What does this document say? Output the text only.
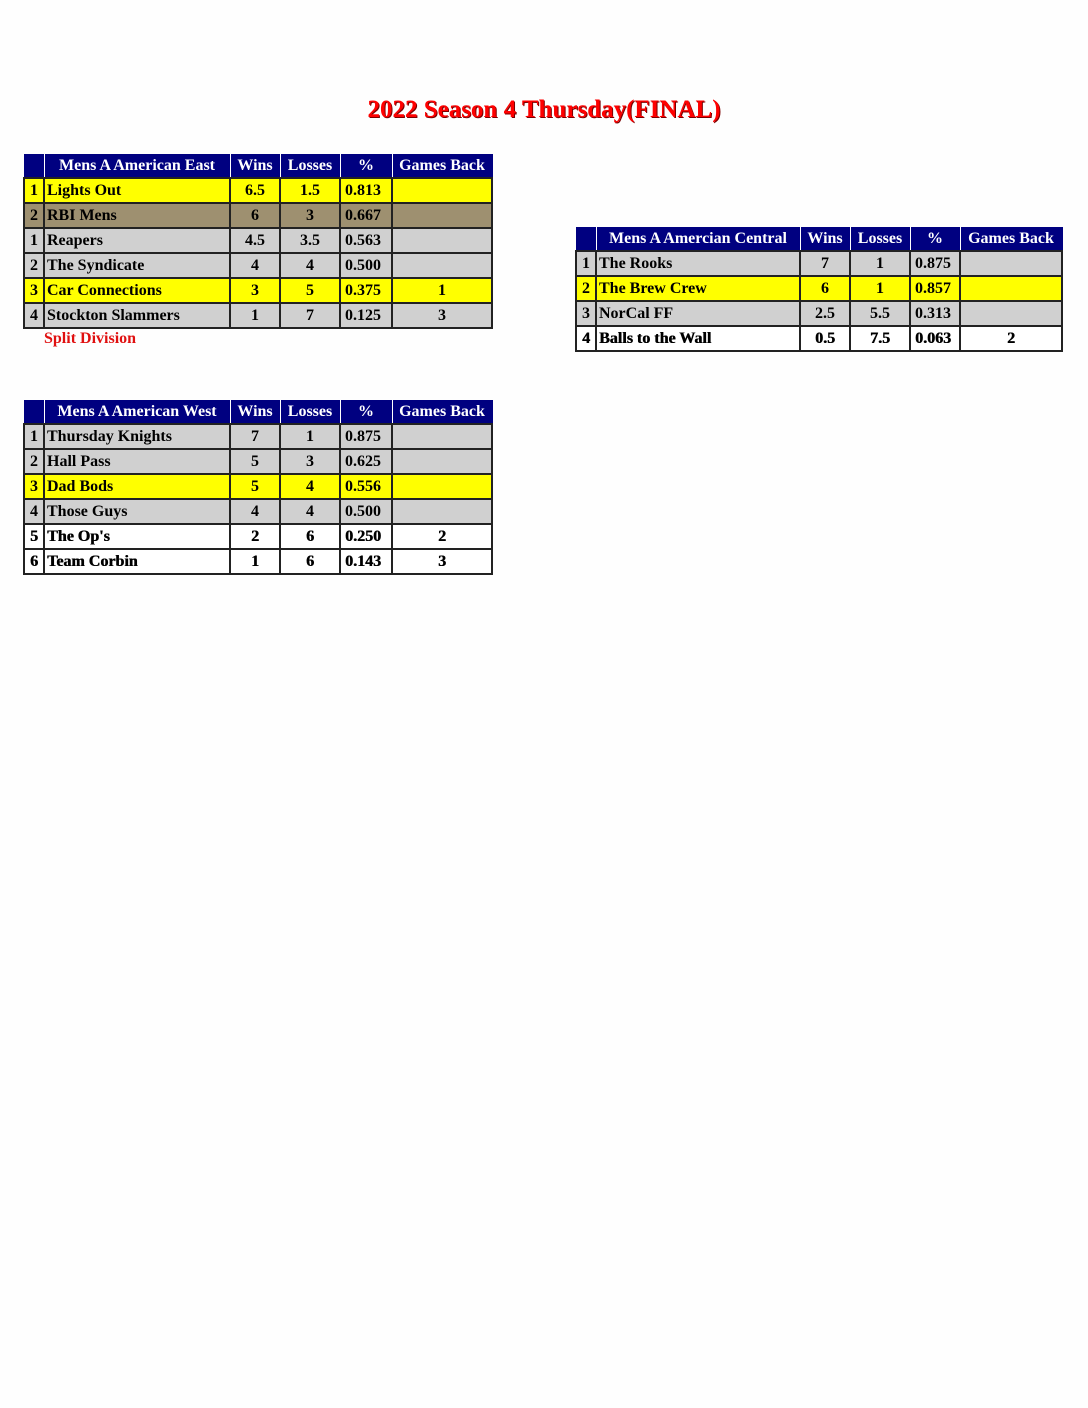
2022 Season 4 Thursday(FINAL)
	Mens A American East	Wins	Losses	%	Games Back
1	Lights Out	6.5	1.5	0.813	
2	RBI Mens	6	3	0.667	
1	Reapers	4.5	3.5	0.563	
2	The Syndicate	4	4	0.500	
3	Car Connections	3	5	0.375	1
4	Stockton Slammers	1	7	0.125	3
Split Division
	Mens A Amercian Central	Wins	Losses	%	Games Back
1	The Rooks	7	1	0.875	
2	The Brew Crew	6	1	0.857	
3	NorCal FF	2.5	5.5	0.313	
4	Balls to the Wall	0.5	7.5	0.063	2
	Mens A American West	Wins	Losses	%	Games Back
1	Thursday Knights	7	1	0.875	
2	Hall Pass	5	3	0.625	
3	Dad Bods	5	4	0.556	
4	Those Guys	4	4	0.500	
5	The Op's	2	6	0.250	2
6	Team Corbin	1	6	0.143	3
